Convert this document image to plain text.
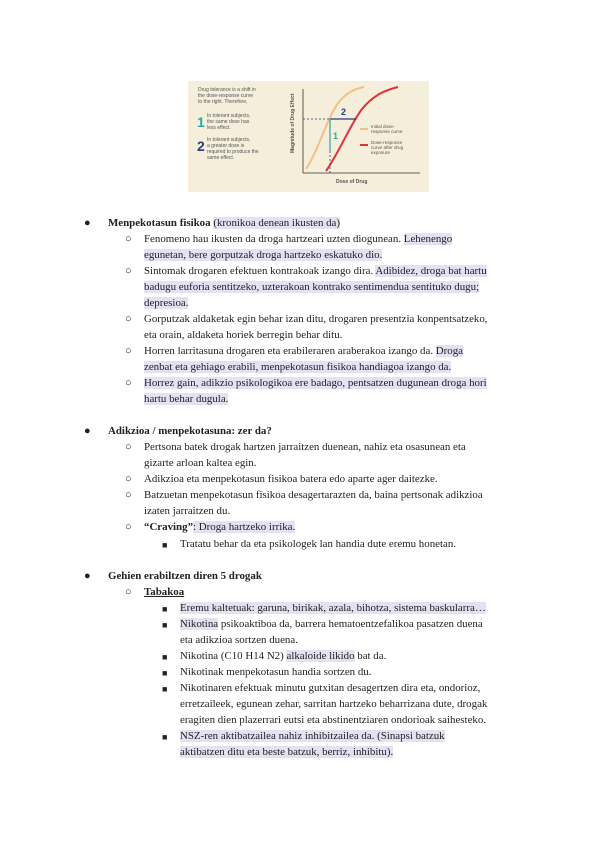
Drug tolerance is a shift in
the dose-response curve
to the right. Therefore,
1 In tolerant subjects,
the same dose has
less effect.
2 In tolerant subjects,
a greater dose is
required to produce the
same effect.
Magnitude of Drug Effect
Dose of Drug
2
1
Initial dose-
response curve
Dose-response
curve after drug
exposure
● Menpekotasun fisikoa (kronikoa denean ikusten da)
○ Fenomeno hau ikusten da droga hartzeari uzten diogunean. Lehenengo
egunetan, bere gorputzak droga hartzeko eskatuko dio.
○ Sintomak drogaren efektuen kontrakoak izango dira. Adibidez, droga bat hartu
badugu euforia sentitzeko, uzterakoan kontrako sentimendua sentituko dugu;
depresioa.
○ Gorputzak aldaketak egin behar izan ditu, drogaren presentzia konpentsatzeko,
eta orain, aldaketa horiek berregin behar ditu.
○ Horren larritasuna drogaren eta erabileraren araberakoa izango da. Droga
zenbat eta gehiago erabili, menpekotasun fisikoa handiagoa izango da.
○ Horrez gain, adikzio psikologikoa ere badago, pentsatzen dugunean droga hori
hartu behar dugula.
● Adikzioa / menpekotasuna: zer da?
○ Pertsona batek drogak hartzen jarraitzen duenean, nahiz eta osasunean eta
gizarte arloan kaltea egin.
○ Adikzioa eta menpekotasun fisikoa batera edo aparte ager daitezke.
○ Batzuetan menpekotasun fisikoa desagertarazten da, baina pertsonak adikzioa
izaten jarraitzen du.
○ “Craving”: Droga hartzeko irrika.
■ Tratatu behar da eta psikologek lan handia dute eremu honetan.
● Gehien erabiltzen diren 5 drogak
○ Tabakoa
■ Eremu kaltetuak: garuna, birikak, azala, bihotza, sistema baskularra…
■ Nikotina psikoaktiboa da, barrera hematoentzefalikoa pasatzen duena
eta adikzioa sortzen duena.
■ Nikotina (C10 H14 N2) alkaloide likido bat da.
■ Nikotinak menpekotasun handia sortzen du.
■ Nikotinaren efektuak minutu gutxitan desagertzen dira eta, ondorioz,
erretzaileek, egunean zehar, sarritan hartzeko beharrizana dute, drogak
eragiten dien plazerrari eutsi eta abstinentziaren ondorioak saihesteko.
■ NSZ-ren aktibatzailea nahiz inhibitzailea da. (Sinapsi batzuk
aktibatzen ditu eta beste batzuk, berriz, inhibitu).
